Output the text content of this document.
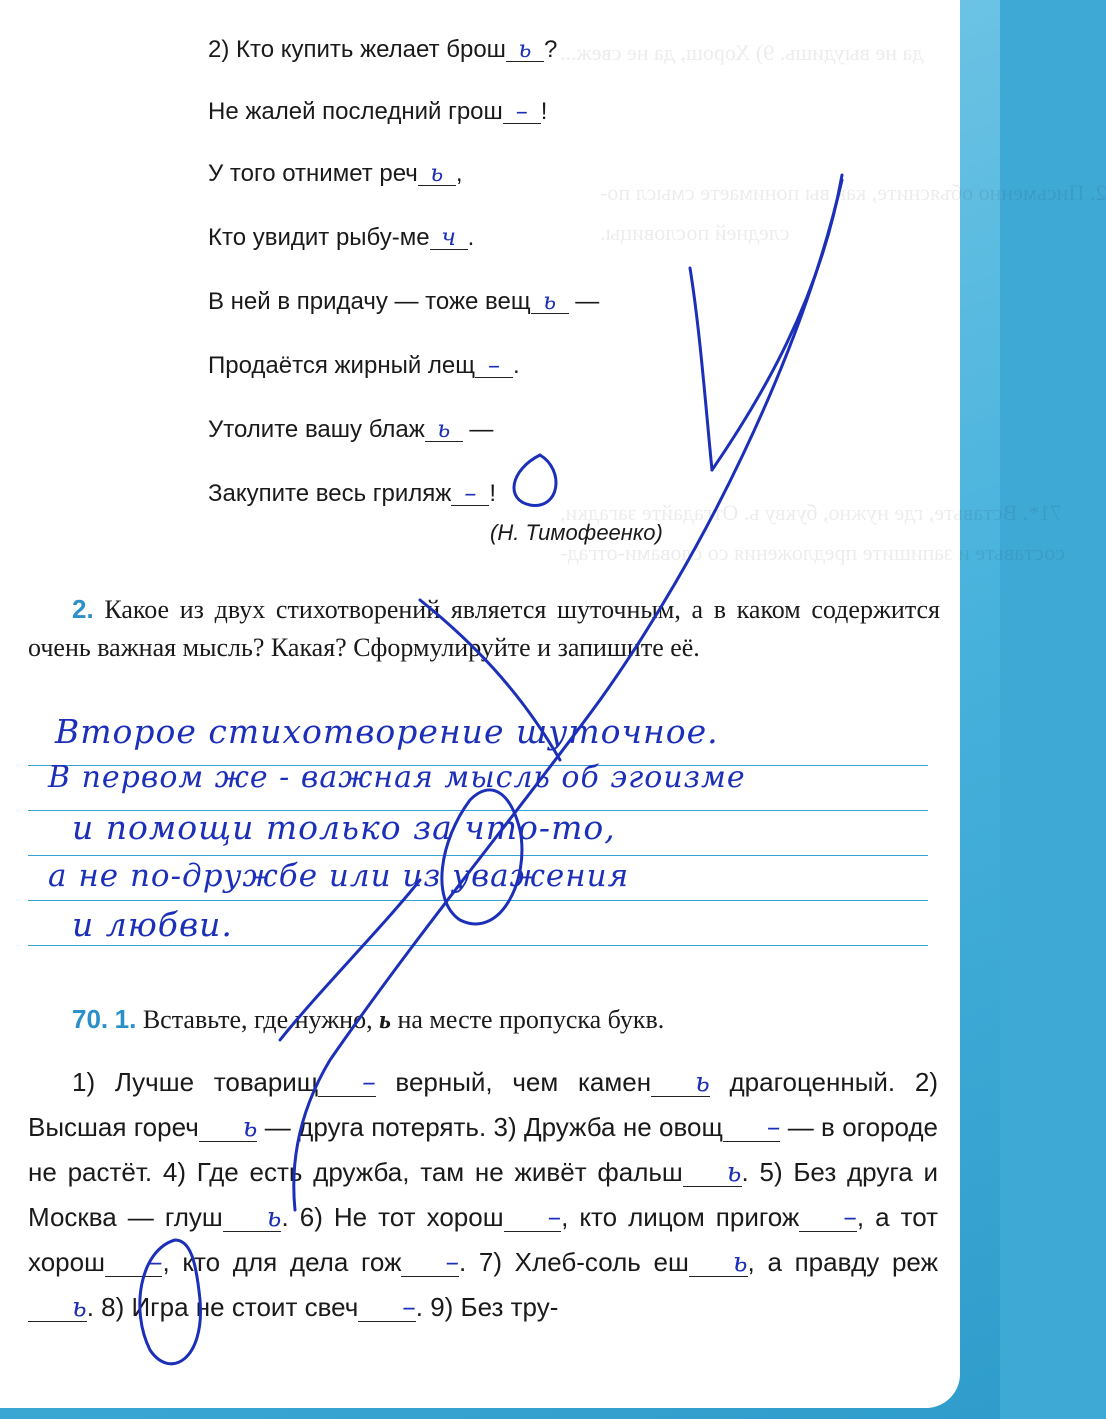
да не выудишь. 9) Хорош, да не свеж...
2. Письменно объясните, как вы понимаете смысл по-
следней пословицы.
71*. Вставьте, где нужно, букву ь. Отгадайте загадки,
составьте и запишите предложения со словами-отгад-
2) Кто купить желает брош ь ?
Не жалей последний грош – !
У того отнимет реч ь ,
Кто увидит рыбу-ме ч .
В ней в придачу — тоже вещ ь —
Продаётся жирный лещ – .
Утолите вашу блаж ь —
Закупите весь гриляж – !
(Н. Тимофеенко)
2. Какое из двух стихотворений является шуточным, а в каком содержится очень важная мысль? Какая? Сформулируйте и запишите её.
Второе стихотворение шуточное.
В первом же - важная мысль об эгоизме
и помощи только за что-то,
а не по-дружбе или из уважения
и любви.
70. 1. Вставьте, где нужно, ь на месте пропуска букв.
1) Лучше товарищ – верный, чем камен ь драгоценный. 2) Высшая гореч ь — друга потерять. 3) Дружба не овощ – — в огороде не растёт. 4) Где есть дружба, там не живёт фальш ь. 5) Без друга и Москва — глуш ь. 6) Не тот хорош –, кто лицом пригож –, а тот хорош –, кто для дела гож –. 7) Хлеб-соль еш ь, а правду режь. 8) Игра не стоит свеч –. 9) Без тру-
